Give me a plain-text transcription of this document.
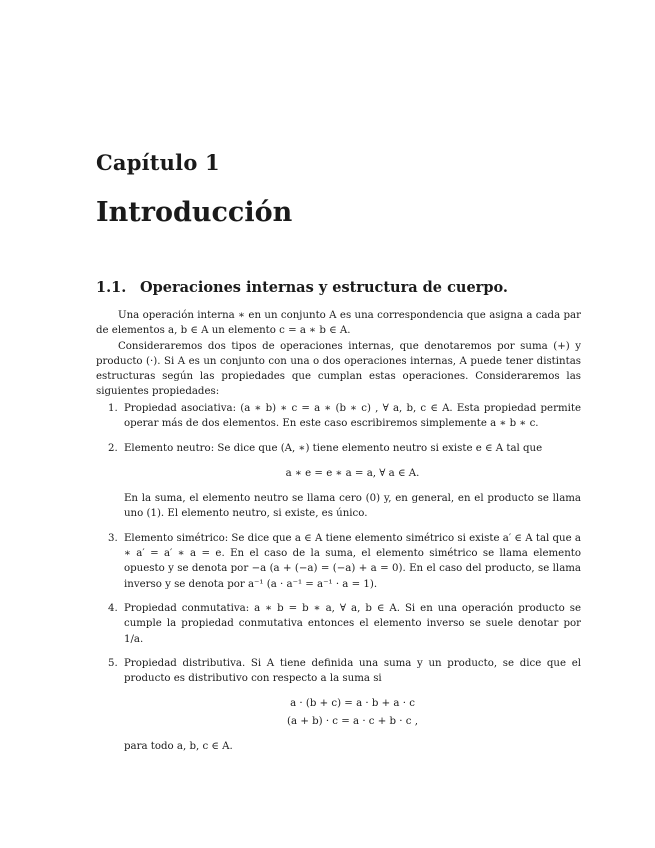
Capítulo 1
Introducción
1.1. Operaciones internas y estructura de cuerpo.

Una operación interna ∗ en un conjunto A es una correspondencia que asigna a cada par de elementos a, b ∈ A un elemento c = a ∗ b ∈ A.

Consideraremos dos tipos de operaciones internas, que denotaremos por suma (+) y producto (·). Si A es un conjunto con una o dos operaciones internas, A puede tener distintas estructuras según las propiedades que cumplan estas operaciones. Consideraremos las siguientes propiedades:

1. Propiedad asociativa: (a ∗ b) ∗ c = a ∗ (b ∗ c) , ∀ a, b, c ∈ A. Esta propiedad permite operar más de dos elementos. En este caso escribiremos simplemente a ∗ b ∗ c.
2. Elemento neutro: Se dice que (A, ∗) tiene elemento neutro si existe e ∈ A tal que
a ∗ e = e ∗ a = a, ∀ a ∈ A.
En la suma, el elemento neutro se llama cero (0) y, en general, en el producto se llama uno (1). El elemento neutro, si existe, es único.
3. Elemento simétrico: Se dice que a ∈ A tiene elemento simétrico si existe a′ ∈ A tal que a ∗ a′ = a′ ∗ a = e. En el caso de la suma, el elemento simétrico se llama elemento opuesto y se denota por −a (a + (−a) = (−a) + a = 0). En el caso del producto, se llama inverso y se denota por a⁻¹ (a · a⁻¹ = a⁻¹ · a = 1).
4. Propiedad conmutativa: a ∗ b = b ∗ a, ∀ a, b ∈ A. Si en una operación producto se cumple la propiedad conmutativa entonces el elemento inverso se suele denotar por 1/a.
5. Propiedad distributiva. Si A tiene definida una suma y un producto, se dice que el producto es distributivo con respecto a la suma si
a · (b + c) = a · b + a · c
(a + b) · c = a · c + b · c ,
para todo a, b, c ∈ A.
